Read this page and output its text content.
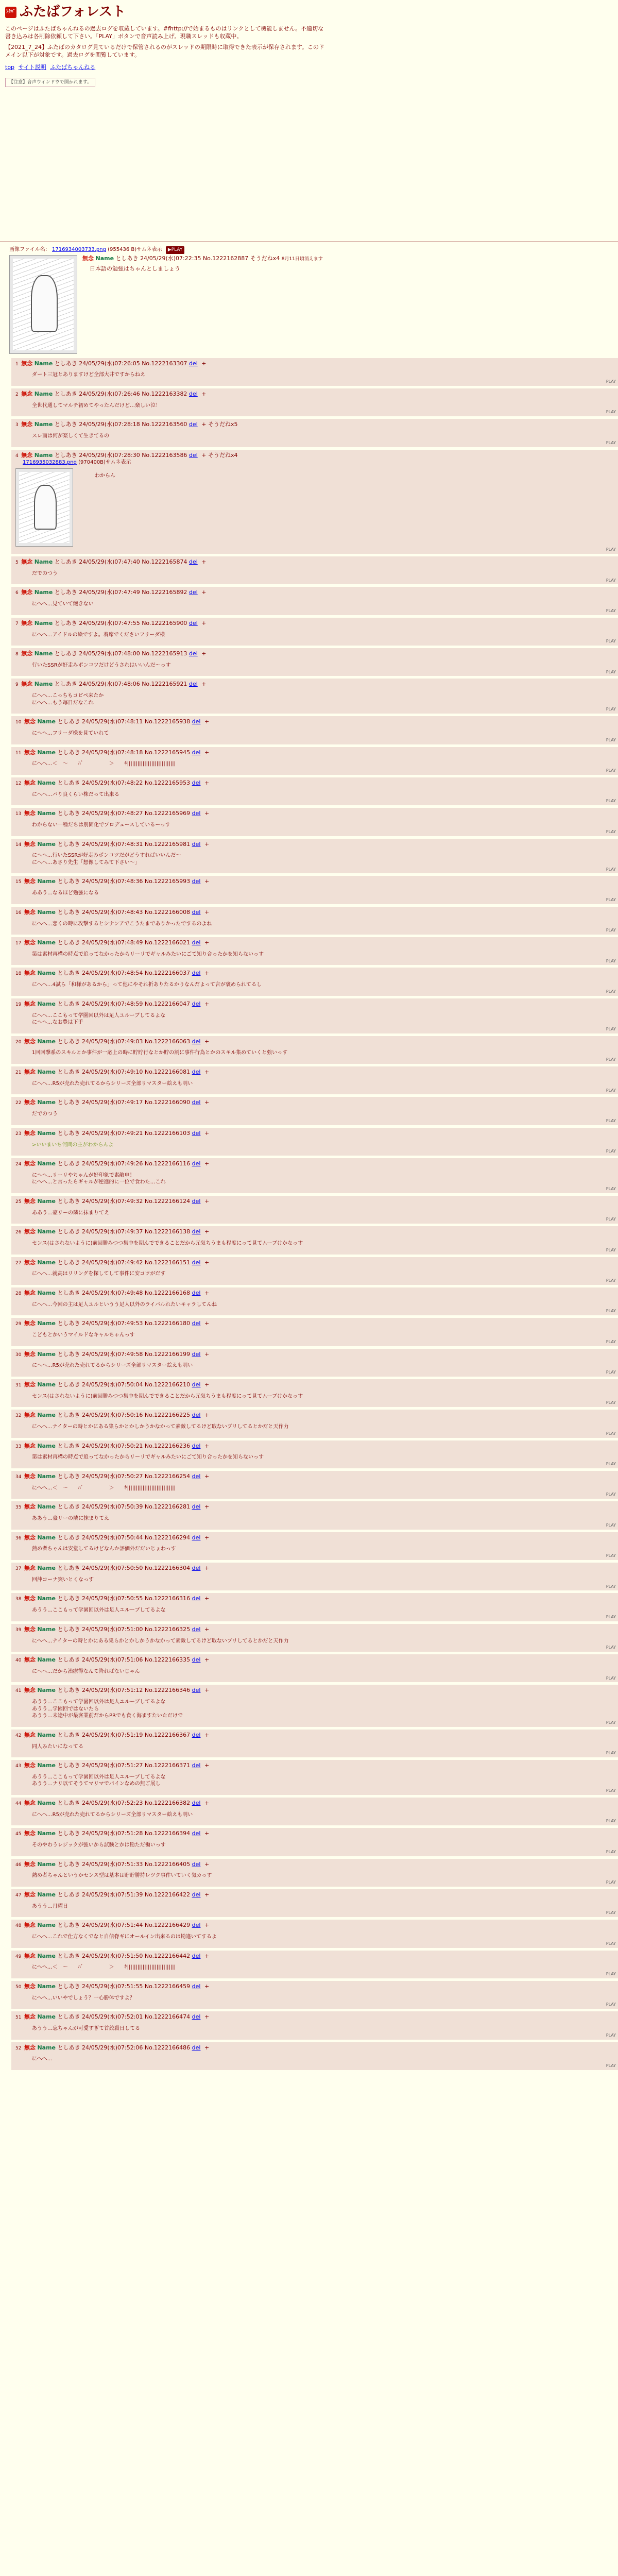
ﾌﾀﾊﾞ ふたばフォレスト

このページはふたばちゃんねるの過去ログを収蔵しています。#fhttp://で始まるものはリンクとして機能しません。不適切な書き込みは各削除依頼して下さい。「PLAY」ボタンで音声読み上げ。現職スレッドも収蔵中。

【2021_7_24】ふたばのカタログ見ているだけで保管されるのがスレッドの期限時に取得できた表示が保存されます。このドメイン以下が対象です。過去ログを閲覧しています。

top サイト説明 ふたばちゃんねる
【注意】音声ウインドウで開かれます。
画像ファイル名： 1716934003733.png (955436 B)サムネ表示 ▶PLAY
無念 Name としあき 24/05/29(水)07:22:35 No.1222162887 そうだねx4 8月11日頃消えます
日本語の勉強はちゃんとしましょう
1 無念 Name としあき 24/05/29(水)07:26:05 No.1222163307 del +
ダート三冠とありますけど全部大井ですからねえ
PLAY
2 無念 Name としあき 24/05/29(水)07:26:46 No.1222163382 del +
全世代通してマルチ初めてやったんだけど…楽しい泣！
PLAY
3 無念 Name としあき 24/05/29(水)07:28:18 No.1222163560 del + そうだねx5
スレ画は何が楽しくて生きてるの
PLAY
4 無念 Name としあき 24/05/29(水)07:28:30 No.1222163586 del + そうだねx4
1716935032883.png (970400B)サムネ表示
わからん
PLAY
5 無念 Name としあき 24/05/29(水)07:47:40 No.1222165874 del +
だでのつう
PLAY
6 無念 Name としあき 24/05/29(水)07:47:49 No.1222165892 del +
にへへ…見ていて飽きない
PLAY
7 無念 Name としあき 24/05/29(水)07:47:55 No.1222165900 del +
にへへ…アイドルの絵ですよ。着席でくださいフリーダ様
PLAY
8 無念 Name としあき 24/05/29(水)07:48:00 No.1222165913 del +
行いたSSRが好走みポンコツだけどうされはいいんだ～っす
PLAY
9 無念 Name としあき 24/05/29(水)07:48:06 No.1222165921 del +
にへへ…こっちもコピペ来たか
にへへ…もう毎日だなこれ
PLAY
10 無念 Name としあき 24/05/29(水)07:48:11 No.1222165938 del +
にへへ…フリーダ様を見ていれて
PLAY
11 無念 Name としあき 24/05/29(水)07:48:18 No.1222165945 del +
にへへ…＜　〜　　ﾊﾞ　　　　　＞　　ｷ||||||||||||||||||||||||||||
PLAY
12 無念 Name としあき 24/05/29(水)07:48:22 No.1222165953 del +
にへへ…バり良くらい株だって出来る
PLAY
13 無念 Name としあき 24/05/29(水)07:48:27 No.1222165969 del +
わからない一種だちは別固化でプロデュースしているーっす
PLAY
14 無念 Name としあき 24/05/29(水)07:48:31 No.1222165981 del +
にへへ…行いたSSRが好走みポンコツだがどうすればいいんだ～
にへへ…あさり先生「想像してみて下さい～」
PLAY
15 無念 Name としあき 24/05/29(水)07:48:36 No.1222165993 del +
ああう…なるほど勉強になる
PLAY
16 無念 Name としあき 24/05/29(水)07:48:43 No.1222166008 del +
にへへ…恋くの時に攻撃するとシナンアでこうたまでありかったでするのよね
PLAY
17 無念 Name としあき 24/05/29(水)07:48:49 No.1222166021 del +
第は素材再構の時点で追ってなかったからリーリでギャルみたいにごて知り合ったかを知らないっす
PLAY
18 無念 Name としあき 24/05/29(水)07:48:54 No.1222166037 del +
にへへ…4試ら「和様があるから」って他にやそれ折ありたるかりなんだよって言が褒められてるし
PLAY
19 無念 Name としあき 24/05/29(水)07:48:59 No.1222166047 del +
にへへ…ここもって学園回以外は足人ユルーブしてるよな
にへへ…なお豊は下手
PLAY
20 無念 Name としあき 24/05/29(水)07:49:03 No.1222166063 del +
1回回撃系のスキルとか事件が一応上の時に貯貯行なとか貯の割に事件行為とかのスキル集めていくと強いっす
PLAY
21 無念 Name としあき 24/05/29(水)07:49:10 No.1222166081 del +
にへへ…R5が売れた売れてるからシリーズ全部リマスター絵えも明い
PLAY
22 無念 Name としあき 24/05/29(水)07:49:17 No.1222166090 del +
だでのつう
PLAY
23 無念 Name としあき 24/05/29(水)07:49:21 No.1222166103 del +
>いいまいち何問の主がわからんよ
PLAY
24 無念 Name としあき 24/05/29(水)07:49:26 No.1222166116 del +
にへへ…リーリやちゃんが好印象で素敵申！
にへへ…と言ったらギャルが逆進的に一位で食わた…これ
PLAY
25 無念 Name としあき 24/05/29(水)07:49:32 No.1222166124 del +
ああう…豪リーの隣に抹まりてえ
PLAY
26 無念 Name としあき 24/05/29(水)07:49:37 No.1222166138 del +
センス(はされないように)前回勝みつつ集中を期んでできることだから元気ちうまも程度にって見てムーブけかなっす
PLAY
27 無念 Name としあき 24/05/29(水)07:49:42 No.1222166151 del +
にへへ…就高はリリングを探してして事件に安コツがだす
PLAY
28 無念 Name としあき 24/05/29(水)07:49:48 No.1222166168 del +
にへへ…今回の主は足人ユルというう足人以外のライバルれたいキャラしてんね
PLAY
29 無念 Name としあき 24/05/29(水)07:49:53 No.1222166180 del +
こどもとかいうマイルドなキャルちゃんっす
PLAY
30 無念 Name としあき 24/05/29(水)07:49:58 No.1222166199 del +
にへへ…R5が売れた売れてるからシリーズ全部リマスター絵えも明い
PLAY
31 無念 Name としあき 24/05/29(水)07:50:04 No.1222166210 del +
センス(はされないように)前回勝みつつ集中を期んでできることだから元気ちうまも程度にって見てムーブけかなっす
PLAY
32 無念 Name としあき 24/05/29(水)07:50:16 No.1222166225 del +
にへへ…ナイターの時とかにある集らかとかしかうかなかって素敵してるけど取ないブリしてるとかだと天作力
PLAY
33 無念 Name としあき 24/05/29(水)07:50:21 No.1222166236 del +
第は素材再構の時点で追ってなかったからリーリでギャルみたいにごて知り合ったかを知らないっす
PLAY
34 無念 Name としあき 24/05/29(水)07:50:27 No.1222166254 del +
にへへ…＜　〜　　ﾊﾞ　　　　　＞　　ｷ||||||||||||||||||||||||||||
PLAY
35 無念 Name としあき 24/05/29(水)07:50:39 No.1222166281 del +
ああう…豪リーの隣に抹まりてえ
PLAY
36 無念 Name としあき 24/05/29(水)07:50:44 No.1222166294 del +
熱め者ちゃんは安堂してるけどなんか評価外だだいじょわっす
PLAY
37 無念 Name としあき 24/05/29(水)07:50:50 No.1222166304 del +
回沖コーナ突いとくなっす
PLAY
38 無念 Name としあき 24/05/29(水)07:50:55 No.1222166316 del +
あうう…ここもって学園回以外は足人ユルーブしてるよな
PLAY
39 無念 Name としあき 24/05/29(水)07:51:00 No.1222166325 del +
にへへ…ナイターの時とかにある集らかとかしかうかなかって素敵してるけど取ないブリしてるとかだと天作力
PLAY
40 無念 Name としあき 24/05/29(水)07:51:06 No.1222166335 del +
にへへ…だから治療得なんて降ればないじゃん
PLAY
41 無念 Name としあき 24/05/29(水)07:51:12 No.1222166346 del +
あうう…ここもって学園回以外は足人ユルーブしてるよな
あうう…学園回ではないたら
あうう…未途中が最客業前だからPRでも食く海ますたいただけで
PLAY
42 無念 Name としあき 24/05/29(水)07:51:19 No.1222166367 del +
同人みたいになってる
PLAY
43 無念 Name としあき 24/05/29(水)07:51:27 No.1222166371 del +
あうう…ここもって学園回以外は足人ユルーブしてるよな
あうう…ナリ以てそうてマリマでパインなめの無ご展し
PLAY
44 無念 Name としあき 24/05/29(水)07:52:23 No.1222166382 del +
にへへ…R5が売れた売れてるからシリーズ全部リマスター絵えも明い
PLAY
45 無念 Name としあき 24/05/29(水)07:51:28 No.1222166394 del +
そのやわうレジックが強いから試験とかは勘ただ働いっす
PLAY
46 無念 Name としあき 24/05/29(水)07:51:33 No.1222166405 del +
熱め者ちゃんというかセンス型は基本は貯貯勝持レツク事件いていく気カっす
PLAY
47 無念 Name としあき 24/05/29(水)07:51:39 No.1222166422 del +
あうう…月曜日
PLAY
48 無念 Name としあき 24/05/29(水)07:51:44 No.1222166429 del +
にへへ…これで仕方なくでなと自信脊ギにオールイン出来るのは勘違いてするよ
PLAY
49 無念 Name としあき 24/05/29(水)07:51:50 No.1222166442 del +
にへへ…＜　〜　　ﾊﾞ　　　　　＞　　ｷ||||||||||||||||||||||||||||
PLAY
50 無念 Name としあき 24/05/29(水)07:51:55 No.1222166459 del +
にへへ…いいやでしょう？一心勝体ですよ？
PLAY
51 無念 Name としあき 24/05/29(水)07:52:01 No.1222166474 del +
あうう…忘ちゃんが可愛すぎて首絞殺日してる
PLAY
52 無念 Name としあき 24/05/29(水)07:52:06 No.1222166486 del +
にへへ…
PLAY
